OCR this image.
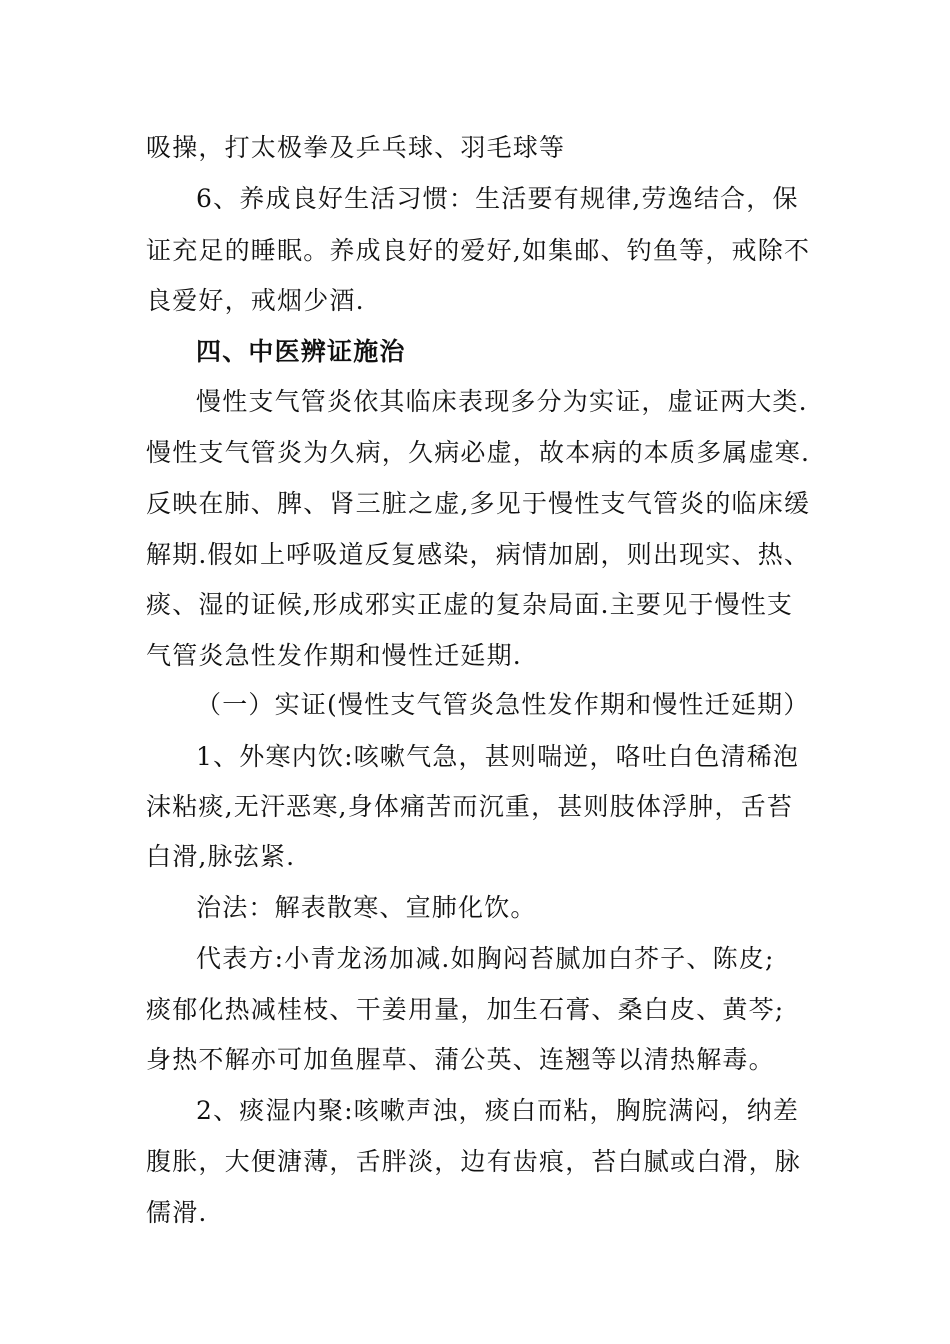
吸操，打太极拳及乒乓球、羽毛球等
6、养成良好生活习惯：生活要有规律,劳逸结合，保
证充足的睡眠。养成良好的爱好,如集邮、钓鱼等，戒除不
良爱好，戒烟少酒.
四、中医辨证施治
慢性支气管炎依其临床表现多分为实证，虚证两大类.
慢性支气管炎为久病，久病必虚，故本病的本质多属虚寒.
反映在肺、脾、肾三脏之虚,多见于慢性支气管炎的临床缓
解期.假如上呼吸道反复感染，病情加剧，则出现实、热、
痰、湿的证候,形成邪实正虚的复杂局面.主要见于慢性支
气管炎急性发作期和慢性迁延期.
（一）实证(慢性支气管炎急性发作期和慢性迁延期）
1、外寒内饮:咳嗽气急，甚则喘逆，咯吐白色清稀泡
沫粘痰,无汗恶寒,身体痛苦而沉重，甚则肢体浮肿，舌苔
白滑,脉弦紧.
治法：解表散寒、宣肺化饮。
代表方:小青龙汤加减.如胸闷苔腻加白芥子、陈皮;
痰郁化热减桂枝、干姜用量，加生石膏、桑白皮、黄芩;
身热不解亦可加鱼腥草、蒲公英、连翘等以清热解毒。
2、痰湿内聚:咳嗽声浊，痰白而粘，胸脘满闷，纳差
腹胀，大便溏薄，舌胖淡，边有齿痕，苔白腻或白滑，脉
儒滑.
